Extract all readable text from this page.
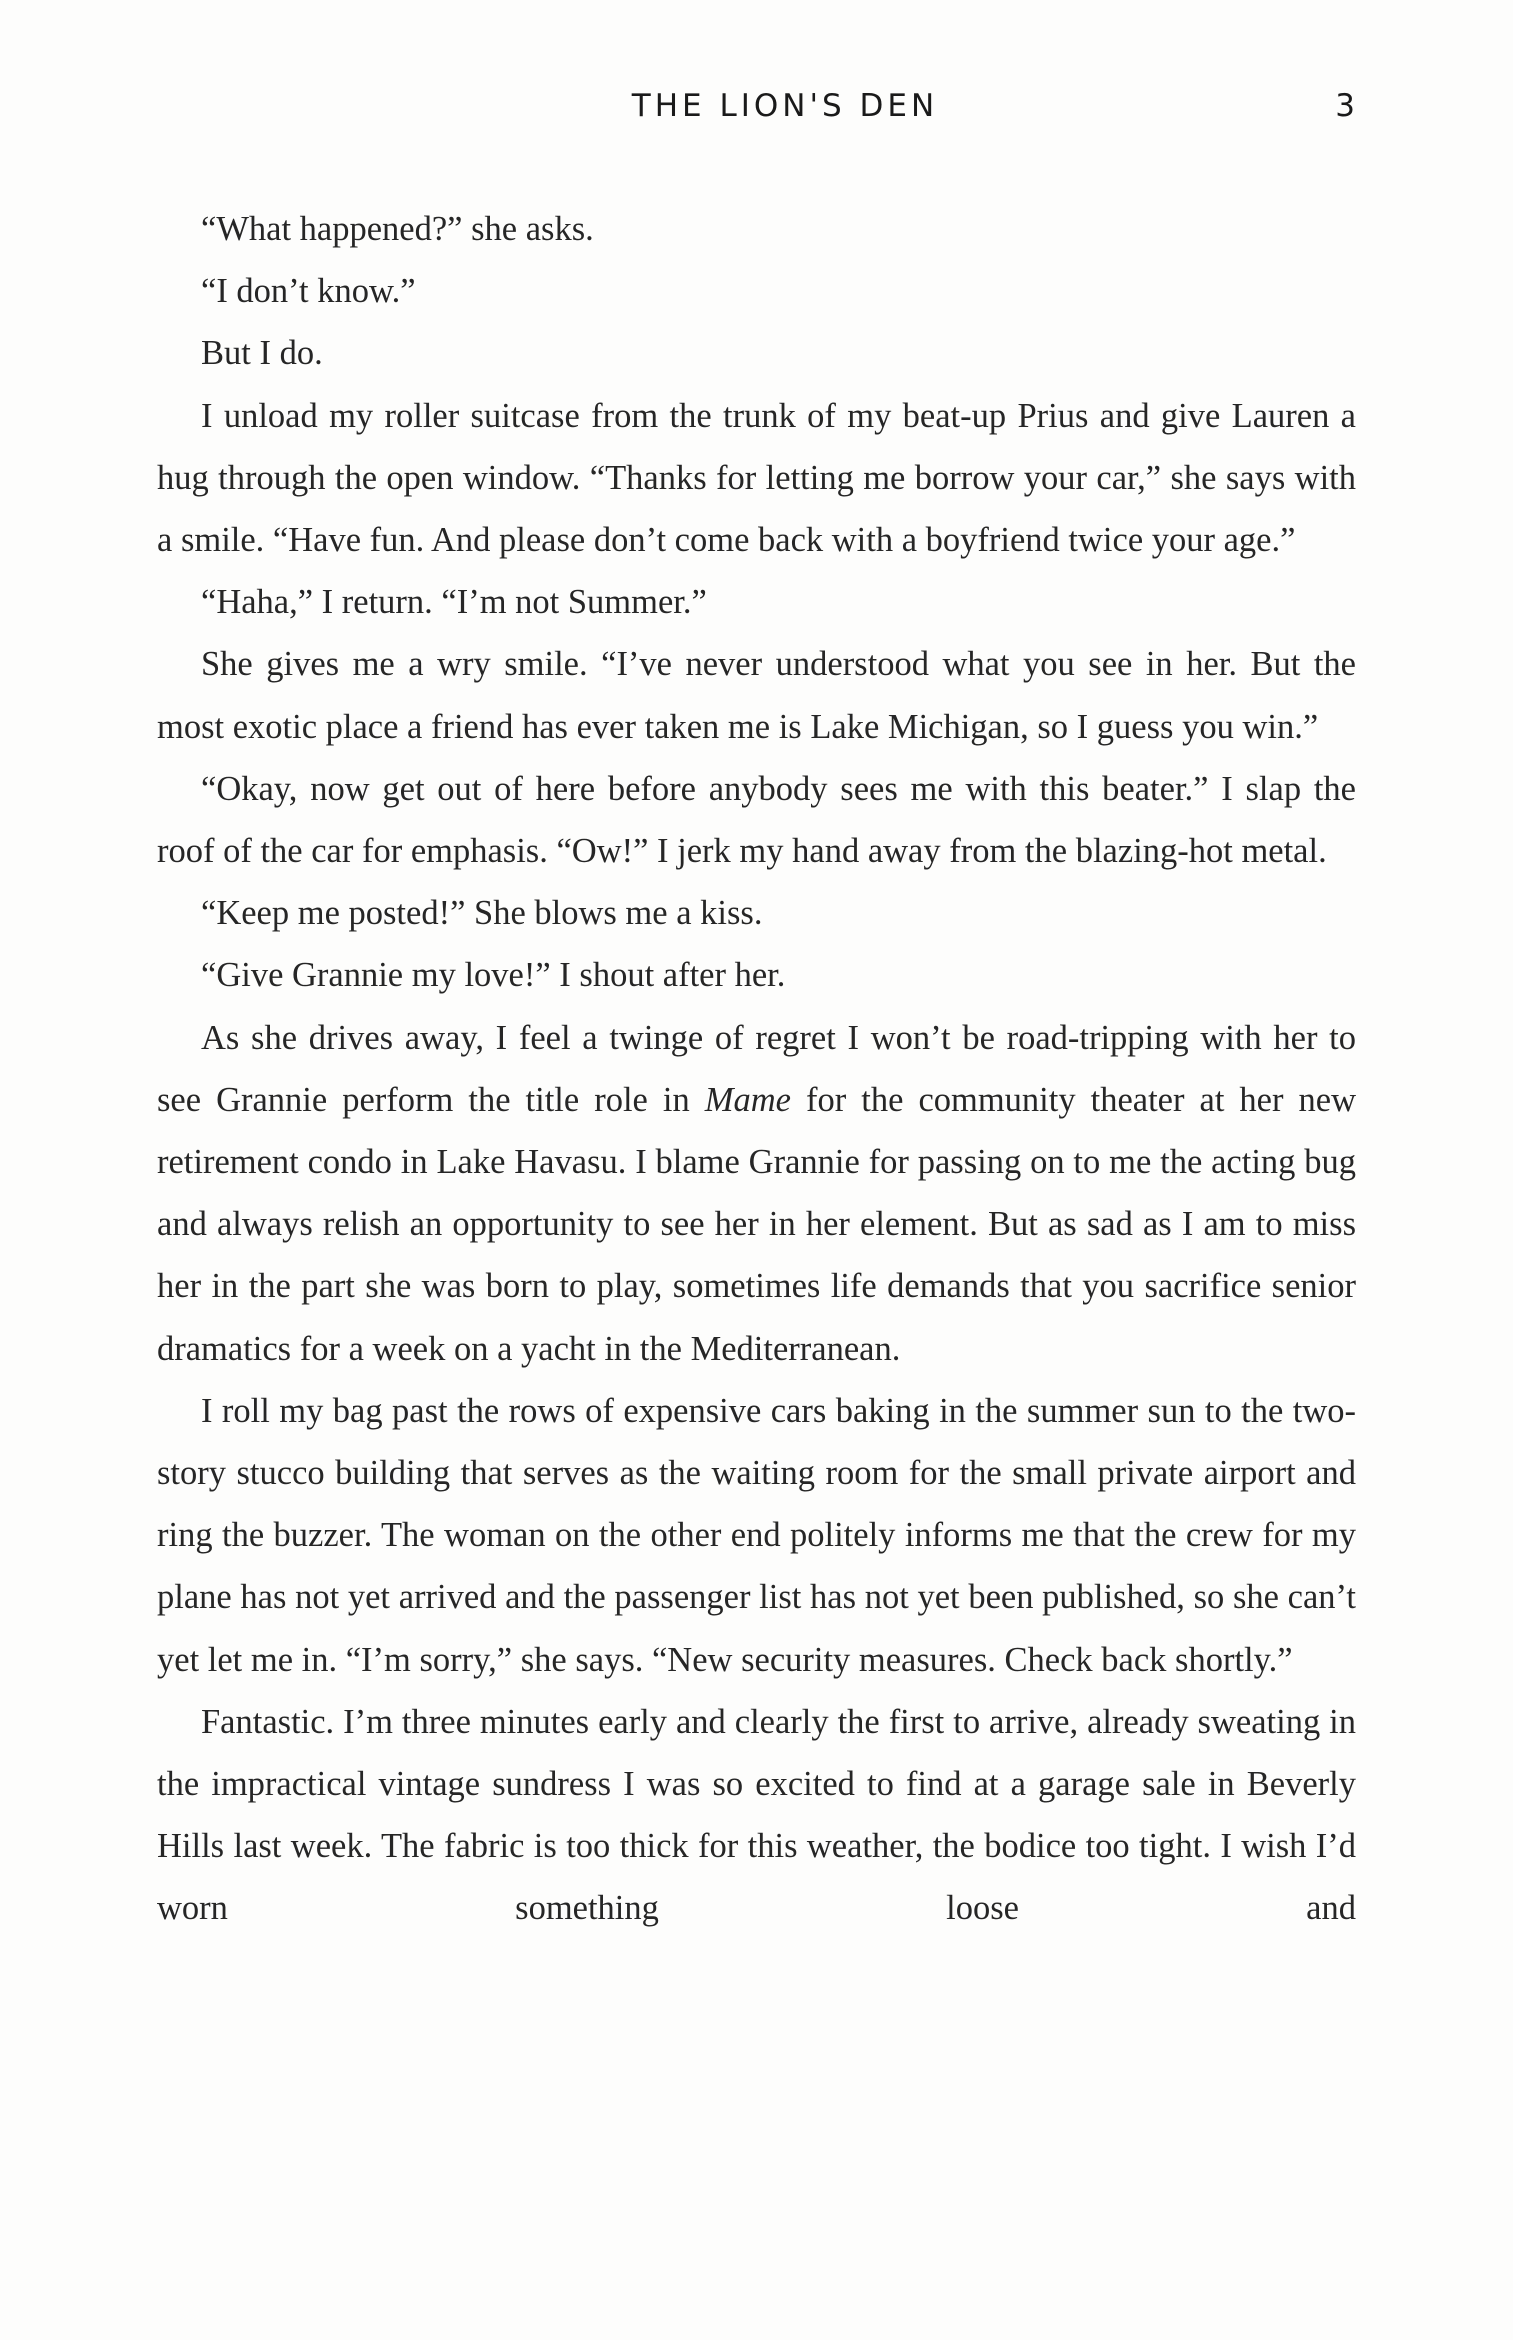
THE LION'S DEN	3

“What happened?” she asks.

“I don’t know.”

But I do.

I unload my roller suitcase from the trunk of my beat-up Prius and give Lauren a hug through the open window. “Thanks for letting me borrow your car,” she says with a smile. “Have fun. And please don’t come back with a boyfriend twice your age.”

“Haha,” I return. “I’m not Summer.”

She gives me a wry smile. “I’ve never understood what you see in her. But the most exotic place a friend has ever taken me is Lake Michigan, so I guess you win.”

“Okay, now get out of here before anybody sees me with this beater.” I slap the roof of the car for emphasis. “Ow!” I jerk my hand away from the blazing-hot metal.

“Keep me posted!” She blows me a kiss.

“Give Grannie my love!” I shout after her.

As she drives away, I feel a twinge of regret I won’t be road-tripping with her to see Grannie perform the title role in Mame for the community theater at her new retirement condo in Lake Havasu. I blame Grannie for passing on to me the acting bug and always relish an opportunity to see her in her element. But as sad as I am to miss her in the part she was born to play, sometimes life demands that you sacrifice senior dramatics for a week on a yacht in the Mediterranean.

I roll my bag past the rows of expensive cars baking in the summer sun to the two-story stucco building that serves as the waiting room for the small private airport and ring the buzzer. The woman on the other end politely informs me that the crew for my plane has not yet arrived and the passenger list has not yet been published, so she can’t yet let me in. “I’m sorry,” she says. “New security measures. Check back shortly.”

Fantastic. I’m three minutes early and clearly the first to arrive, already sweating in the impractical vintage sundress I was so excited to find at a garage sale in Beverly Hills last week. The fabric is too thick for this weather, the bodice too tight. I wish I’d worn something loose and
